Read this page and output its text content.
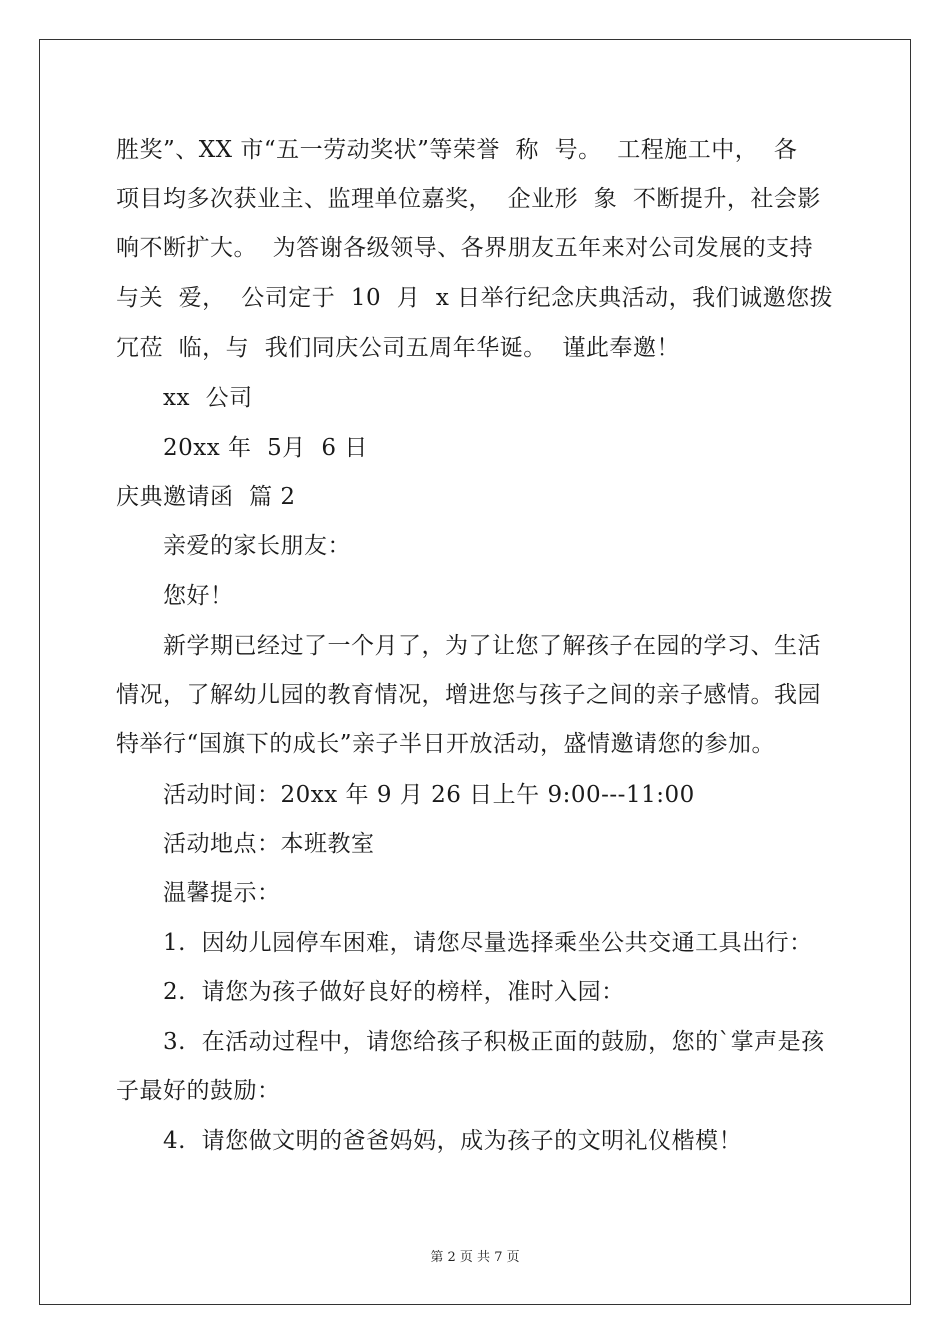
胜奖”、XX 市“五一劳动奖状”等荣誉  称  号。  工程施工中，  各
项目均多次获业主、监理单位嘉奖，  企业形  象  不断提升，社会影
响不断扩大。  为答谢各级领导、各界朋友五年来对公司发展的支持
与关  爱，  公司定于  10  月  x 日举行纪念庆典活动，我们诚邀您拨
冗莅  临，与  我们同庆公司五周年华诞。  谨此奉邀！
xx  公司
20xx 年  5月  6 日
庆典邀请函  篇 2
亲爱的家长朋友：
您好！
新学期已经过了一个月了，为了让您了解孩子在园的学习、生活
情况，了解幼儿园的教育情况，增进您与孩子之间的亲子感情。我园
特举行“国旗下的成长”亲子半日开放活动，盛情邀请您的参加。
活动时间：20xx 年 9 月 26 日上午 9:00---11:00
活动地点：本班教室
温馨提示：
1.  因幼儿园停车困难，请您尽量选择乘坐公共交通工具出行：
2.  请您为孩子做好良好的榜样，准时入园：
3.  在活动过程中，请您给孩子积极正面的鼓励，您的`掌声是孩
子最好的鼓励：
4.  请您做文明的爸爸妈妈，成为孩子的文明礼仪楷模！
第 2 页 共 7 页
